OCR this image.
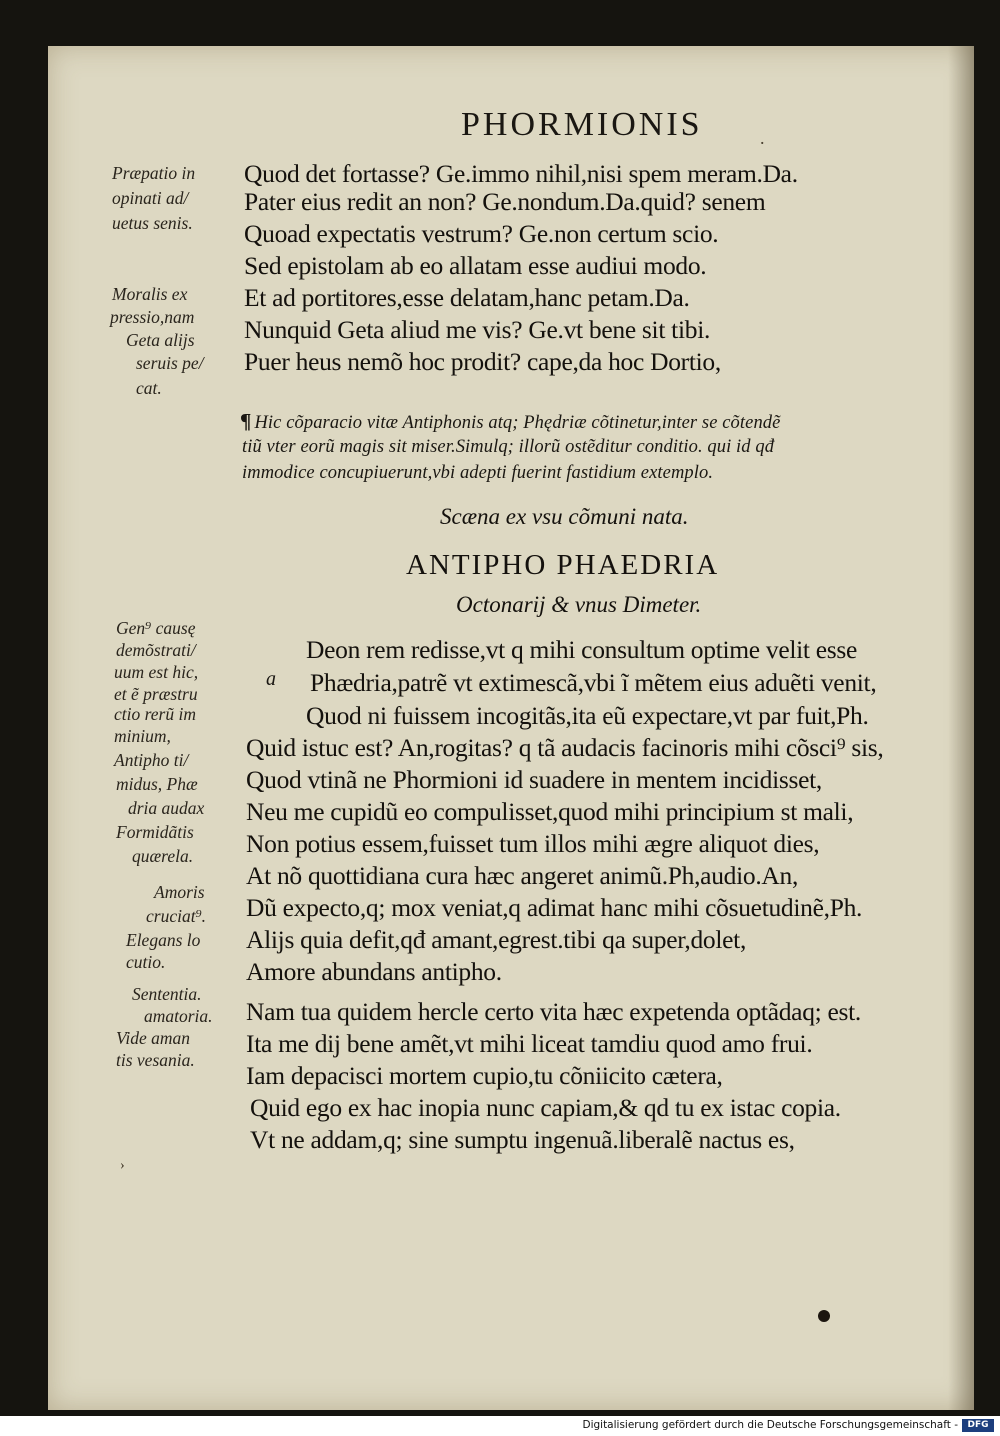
PHORMIONIS	.
Quod det fortasse? Ge.immo nihil,nisi spem meram.Da.
Pater eius redit an non? Ge.nondum.Da.quid? senem
Quoad expectatis vestrum? Ge.non certum scio.
Sed epistolam ab eo allatam esse audiui modo.
Et ad portitores,esse delatam,hanc petam.Da.
Nunquid Geta aliud me vis? Ge.vt bene sit tibi.
Puer heus nemõ hoc prodit? cape,da hoc Dortio,
Præpatio in
opinati ad/
uetus senis.
Moralis ex
pressio,nam
Geta aliјs
seruis pe/
cat.
¶ Hic cõparacio vitæ Antiphonis atq; Phędriæ cõtinetur,inter se cõtendẽ
tiũ vter eorũ magis sit miser.Simulq; illorũ ostẽditur conditio. qui id qđ
immodice concupiuerunt,vbi adepti fuerint fastidium extemplo.
Scæna ex vsu cõmuni nata.
ANTIPHO PHAEDRIA
Octonarij & vnus Dimeter.
a
Deon rem redisse,vt q mihi consultum optime velit esse
Phædria,patrẽ vt extimescã,vbi ĩ mẽtem eius aduẽti venit,
Quod ni fuissem incogitãs,ita eũ expectare,vt par fuit,Ph.
Quid istuc est? An,rogitas? q tã audacis facinoris mihi cõsci⁹ sis,
Quod vtinã ne Phormioni id suadere in mentem incidisset,
Neu me cupidũ eo compulisset,quod mihi principium st mali,
Non potius essem,fuisset tum illos mihi ægre aliquot dies,
At nõ quottidiana cura hæc angeret animũ.Ph,audio.An,
Dũ expecto,q; mox veniat,q adimat hanc mihi cõsuetudinẽ,Ph.
Aliјs quia defit,qđ amant,egrest.tibi qa super,dolet,
Amore abundans antipho.
Nam tua quidem hercle certo vita hæc expetenda optãdaq; est.
Ita me dij bene amẽt,vt mihi liceat tamdiu quod amo frui.
Iam depacisci mortem cupio,tu cõniicito cætera,
Quid ego ex hac inopia nunc capiam,& qd tu ex istac copia.
Vt ne addam,q; sine sumptu ingenuã.liberalẽ nactus es,
Gen⁹ causę
demõstrati/
uum est hic,
et ẽ præstru
ctio rerũ im
minium,
Antipho ti/
midus, Phæ
dria audax
Formidãtis
quærela.
Amoris
cruciat⁹.
Elegans lo
cutio.
Sententia.
amatoria.
Vide aman
tis vesania.
›
Digitalisierung gefördert durch die Deutsche Forschungsgemeinschaft -	DFG
